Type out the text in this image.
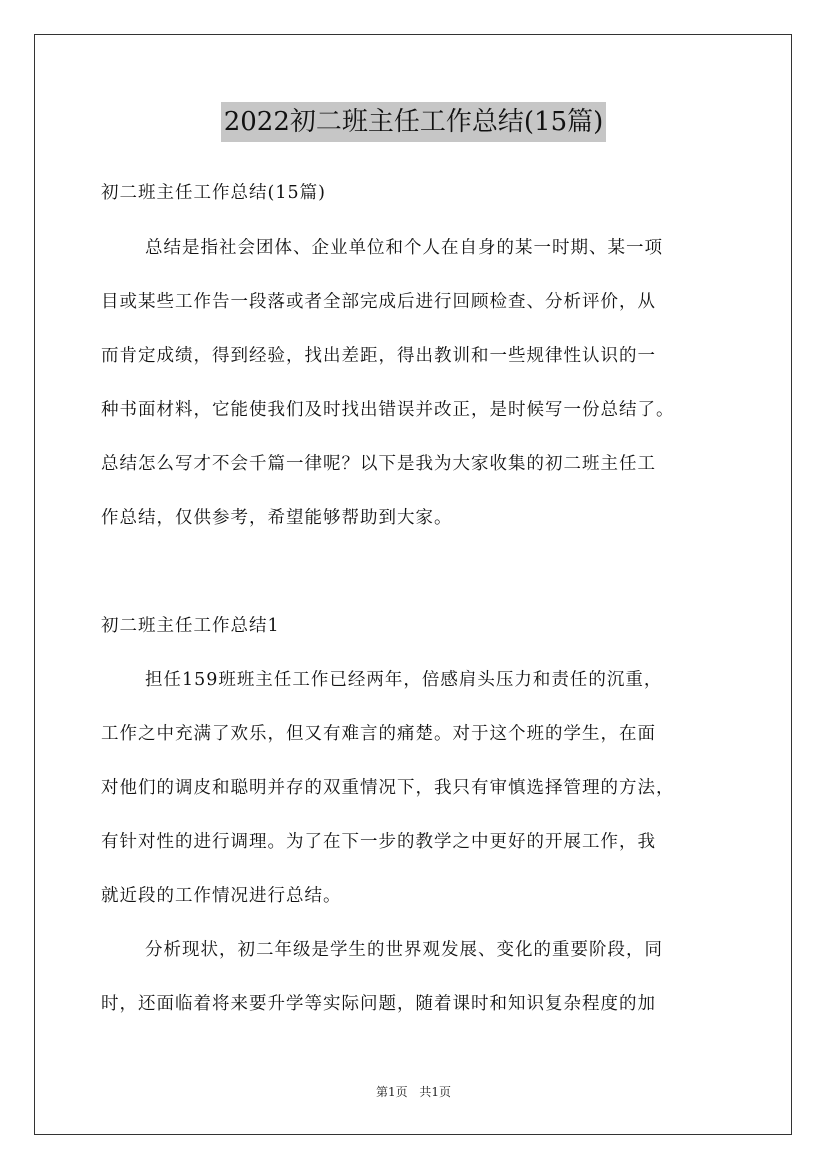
2022初二班主任工作总结(15篇)
初二班主任工作总结(15篇)
总结是指社会团体、企业单位和个人在自身的某一时期、某一项
目或某些工作告一段落或者全部完成后进行回顾检查、分析评价，从
而肯定成绩，得到经验，找出差距，得出教训和一些规律性认识的一
种书面材料，它能使我们及时找出错误并改正，是时候写一份总结了。
总结怎么写才不会千篇一律呢？以下是我为大家收集的初二班主任工
作总结，仅供参考，希望能够帮助到大家。
初二班主任工作总结1
担任159班班主任工作已经两年，倍感肩头压力和责任的沉重，
工作之中充满了欢乐，但又有难言的痛楚。对于这个班的学生，在面
对他们的调皮和聪明并存的双重情况下，我只有审慎选择管理的方法，
有针对性的进行调理。为了在下一步的教学之中更好的开展工作，我
就近段的工作情况进行总结。
分析现状，初二年级是学生的世界观发展、变化的重要阶段，同
时，还面临着将来要升学等实际问题，随着课时和知识复杂程度的加
第1页 共1页
